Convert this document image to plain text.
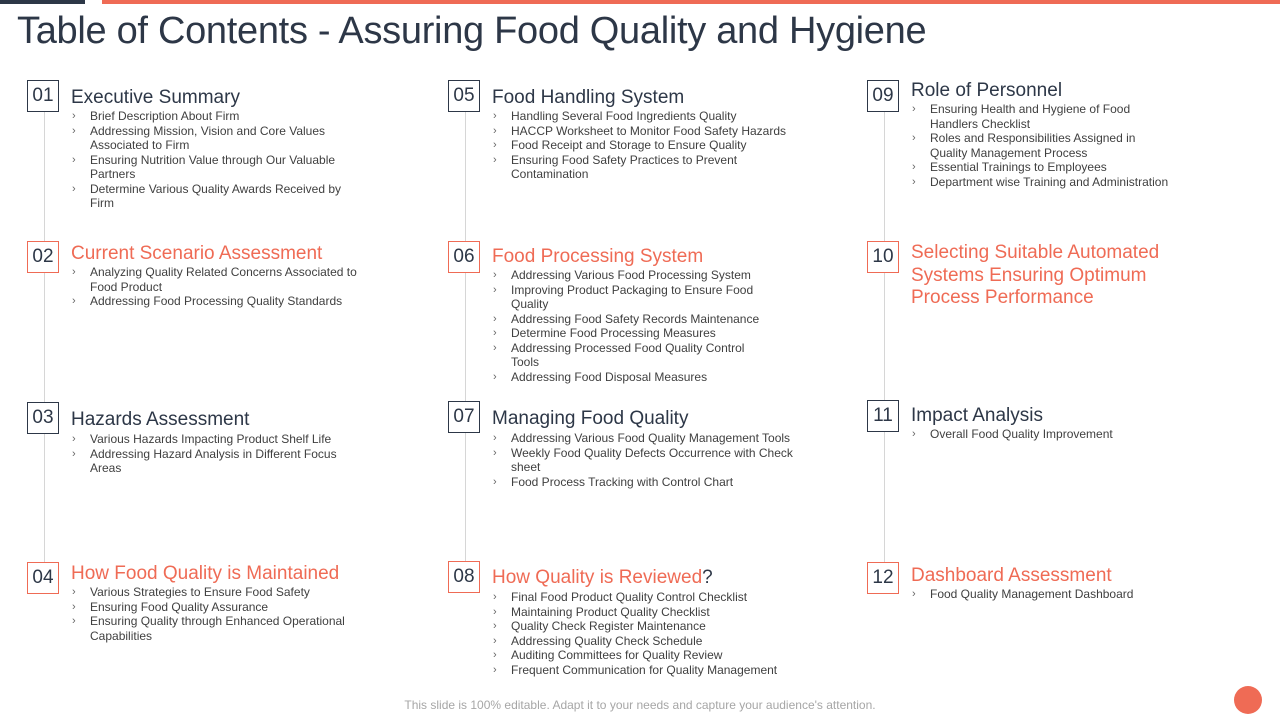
Table of Contents - Assuring Food Quality and Hygiene
01 Executive Summary
› Brief Description About Firm
› Addressing Mission, Vision and Core Values Associated to Firm
› Ensuring Nutrition Value through Our Valuable Partners
› Determine Various Quality Awards Received by Firm
02 Current Scenario Assessment
› Analyzing Quality Related Concerns Associated to Food Product
› Addressing Food Processing Quality Standards
03 Hazards Assessment
› Various Hazards Impacting Product Shelf Life
› Addressing Hazard Analysis in Different Focus Areas
04 How Food Quality is Maintained
› Various Strategies to Ensure Food Safety
› Ensuring Food Quality Assurance
› Ensuring Quality through Enhanced Operational Capabilities
05 Food Handling System
› Handling Several Food Ingredients Quality
› HACCP Worksheet to Monitor Food Safety Hazards
› Food Receipt and Storage to Ensure Quality
› Ensuring Food Safety Practices to Prevent Contamination
06 Food Processing System
› Addressing Various Food Processing System
› Improving Product Packaging to Ensure Food Quality
› Addressing Food Safety Records Maintenance
› Determine Food Processing Measures
› Addressing Processed Food Quality Control Tools
› Addressing Food Disposal Measures
07 Managing Food Quality
› Addressing Various Food Quality Management Tools
› Weekly Food Quality Defects Occurrence with Check sheet
› Food Process Tracking with Control Chart
08 How Quality is Reviewed?
› Final Food Product Quality Control Checklist
› Maintaining Product Quality Checklist
› Quality Check Register Maintenance
› Addressing Quality Check Schedule
› Auditing Committees for Quality Review
› Frequent Communication for Quality Management
09 Role of Personnel
› Ensuring Health and Hygiene of Food Handlers Checklist
› Roles and Responsibilities Assigned in Quality Management Process
› Essential Trainings to Employees
› Department wise Training and Administration
10 Selecting Suitable Automated Systems Ensuring Optimum Process Performance
11 Impact Analysis
› Overall Food Quality Improvement
12 Dashboard Assessment
› Food Quality Management Dashboard
This slide is 100% editable. Adapt it to your needs and capture your audience's attention.
